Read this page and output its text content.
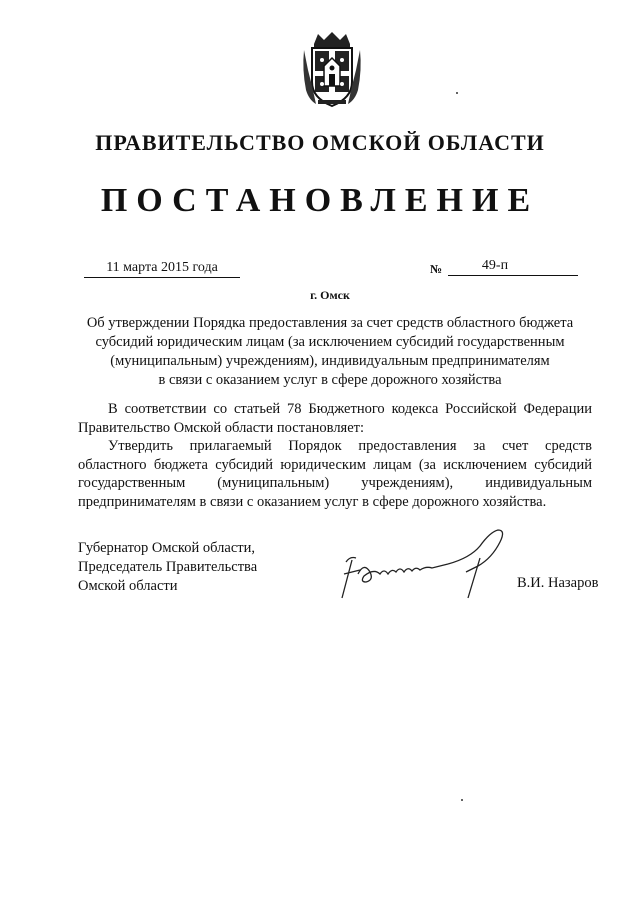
ПРАВИТЕЛЬСТВО ОМСКОЙ ОБЛАСТИ
ПОСТАНОВЛЕНИЕ
11 марта 2015 года	№	49-п
г. Омск
Об утверждении Порядка предоставления за счет средств областного бюджета
субсидий юридическим лицам (за исключением субсидий государственным
(муниципальным) учреждениям), индивидуальным предпринимателям
в связи с оказанием услуг в сфере дорожного хозяйства
В соответствии со статьей 78 Бюджетного кодекса Российской Федерации
Правительство Омской области постановляет:
Утвердить прилагаемый Порядок предоставления за счет средств
областного бюджета субсидий юридическим лицам (за исключением субсидий
государственным (муниципальным) учреждениям), индивидуальным
предпринимателям в связи с оказанием услуг в сфере дорожного хозяйства.
Губернатор Омской области,
Председатель Правительства
Омской области	В.И. Назаров
